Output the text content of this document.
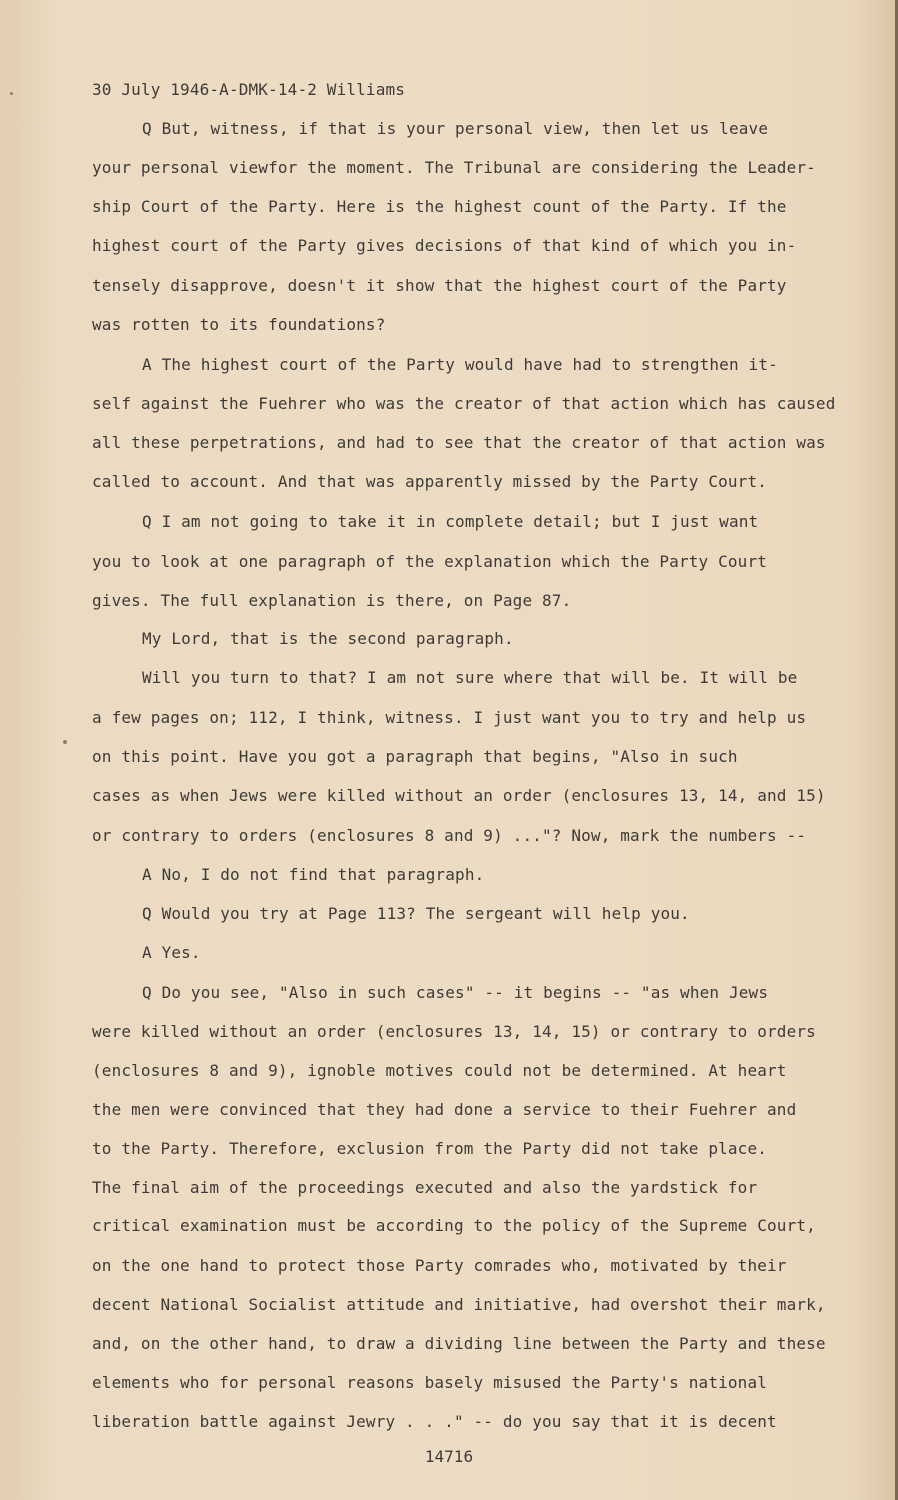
30 July 1946-A-DMK-14-2 Williams
Q But, witness, if that is your personal view, then let us leave
your personal viewfor the moment. The Tribunal are considering the Leader-
ship Court of the Party. Here is the highest count of the Party. If the
highest court of the Party gives decisions of that kind of which you in-
tensely disapprove, doesn't it show that the highest court of the Party
was rotten to its foundations?
A The highest court of the Party would have had to strengthen it-
self against the Fuehrer who was the creator of that action which has caused
all these perpetrations, and had to see that the creator of that action was
called to account. And that was apparently missed by the Party Court.
Q I am not going to take it in complete detail; but I just want
you to look at one paragraph of the explanation which the Party Court
gives. The full explanation is there, on Page 87.
My Lord, that is the second paragraph.
Will you turn to that? I am not sure where that will be. It will be
a few pages on; 112, I think, witness. I just want you to try and help us
on this point. Have you got a paragraph that begins, "Also in such
cases as when Jews were killed without an order (enclosures 13, 14, and 15)
or contrary to orders (enclosures 8 and 9) ..."? Now, mark the numbers --
A No, I do not find that paragraph.
Q Would you try at Page 113? The sergeant will help you.
A Yes.
Q Do you see, "Also in such cases" -- it begins -- "as when Jews
were killed without an order (enclosures 13, 14, 15) or contrary to orders
(enclosures 8 and 9), ignoble motives could not be determined. At heart
the men were convinced that they had done a service to their Fuehrer and
to the Party. Therefore, exclusion from the Party did not take place.
The final aim of the proceedings executed and also the yardstick for
critical examination must be according to the policy of the Supreme Court,
on the one hand to protect those Party comrades who, motivated by their
decent National Socialist attitude and initiative, had overshot their mark,
and, on the other hand, to draw a dividing line between the Party and these
elements who for personal reasons basely misused the Party's national
liberation battle against Jewry . . ." -- do you say that it is decent
14716
